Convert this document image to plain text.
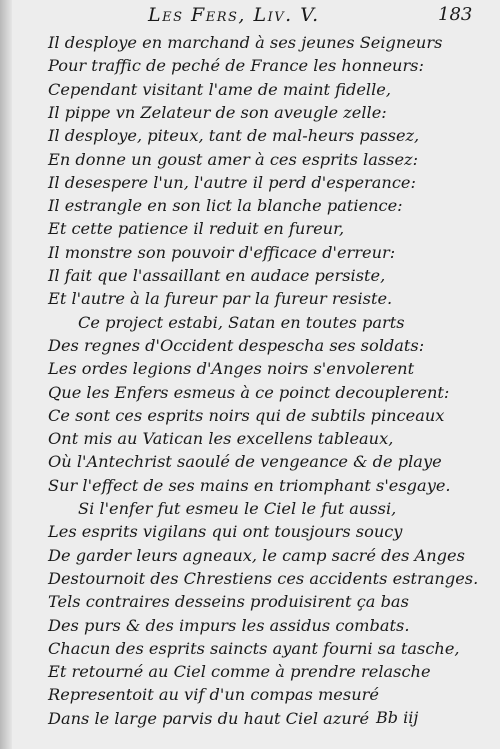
Les Fers, Liv. V.	183
Il desploye en marchand à ses jeunes Seigneurs
Pour traffic de peché de France les honneurs:
Cependant visitant l'ame de maint fidelle,
Il pippe vn Zelateur de son aveugle zelle:
Il desploye, piteux, tant de mal-heurs passez,
En donne un goust amer à ces esprits lassez:
Il desespere l'un, l'autre il perd d'esperance:
Il estrangle en son lict la blanche patience:
Et cette patience il reduit en fureur,
Il monstre son pouvoir d'efficace d'erreur:
Il fait que l'assaillant en audace persiste,
Et l'autre à la fureur par la fureur resiste.
Ce project estabi, Satan en toutes parts
Des regnes d'Occident despescha ses soldats:
Les ordes legions d'Anges noirs s'envolerent
Que les Enfers esmeus à ce poinct decouplerent:
Ce sont ces esprits noirs qui de subtils pinceaux
Ont mis au Vatican les excellens tableaux,
Où l'Antechrist saoulé de vengeance & de playe
Sur l'effect de ses mains en triomphant s'esgaye.
Si l'enfer fut esmeu le Ciel le fut aussi,
Les esprits vigilans qui ont tousjours soucy
De garder leurs agneaux, le camp sacré des Anges
Destournoit des Chrestiens ces accidents estranges.
Tels contraires desseins produisirent ça bas
Des purs & des impurs les assidus combats.
Chacun des esprits saincts ayant fourni sa tasche,
Et retourné au Ciel comme à prendre relasche
Representoit au vif d'un compas mesuré
Dans le large parvis du haut Ciel azuré Bb iij
